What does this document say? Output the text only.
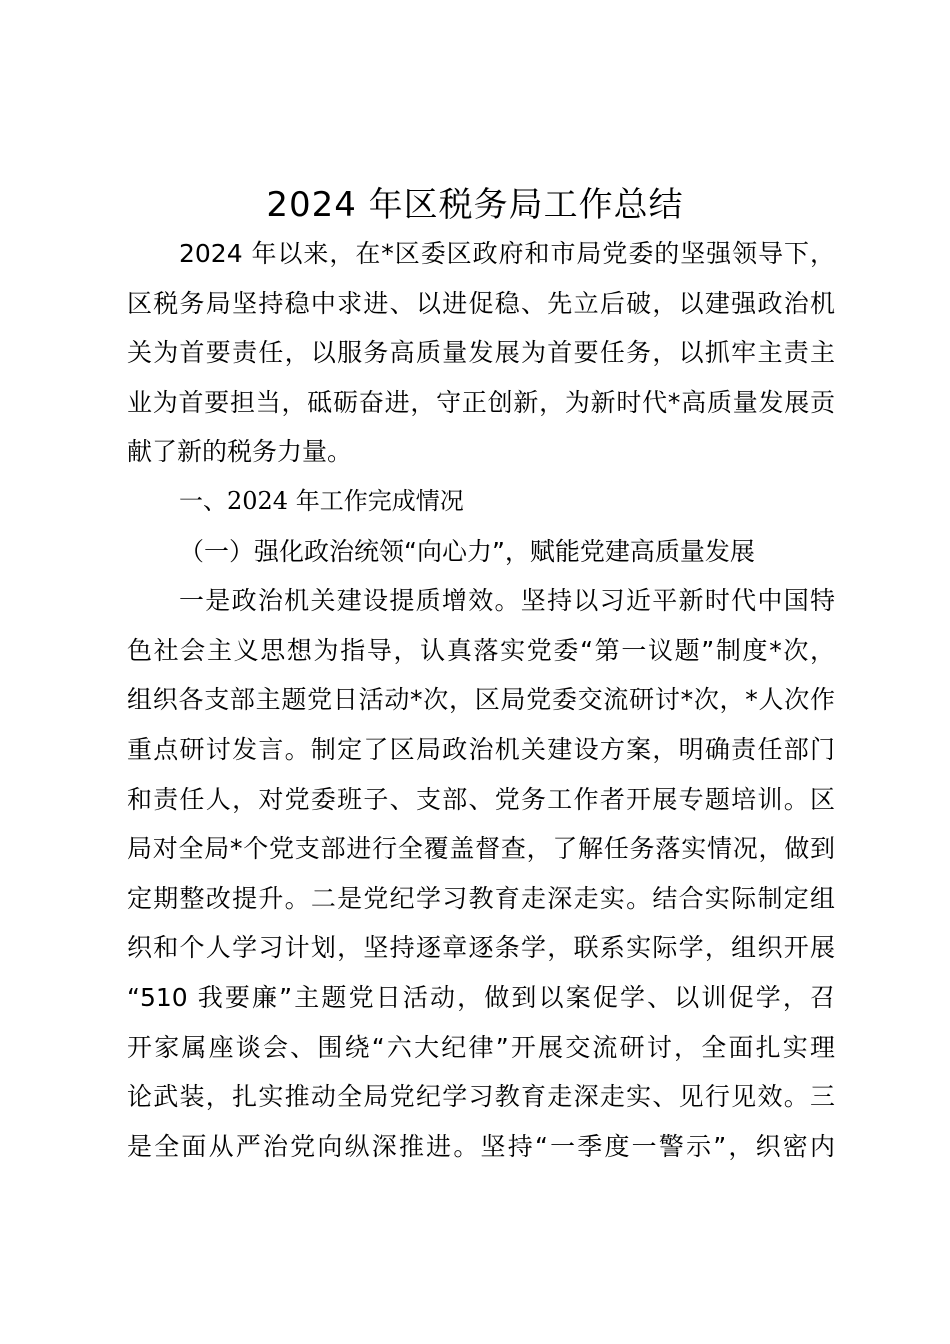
2024 年区税务局工作总结
2024 年以来，在*区委区政府和市局党委的坚强领导下，
区税务局坚持稳中求进、以进促稳、先立后破，以建强政治机
关为首要责任，以服务高质量发展为首要任务，以抓牢主责主
业为首要担当，砥砺奋进，守正创新，为新时代*高质量发展贡
献了新的税务力量。
一、2024 年工作完成情况
（一）强化政治统领“向心力”，赋能党建高质量发展
一是政治机关建设提质增效。坚持以习近平新时代中国特
色社会主义思想为指导，认真落实党委“第一议题”制度*次，
组织各支部主题党日活动*次，区局党委交流研讨*次，*人次作
重点研讨发言。制定了区局政治机关建设方案，明确责任部门
和责任人，对党委班子、支部、党务工作者开展专题培训。区
局对全局*个党支部进行全覆盖督查，了解任务落实情况，做到
定期整改提升。二是党纪学习教育走深走实。结合实际制定组
织和个人学习计划，坚持逐章逐条学，联系实际学，组织开展
“510 我要廉”主题党日活动，做到以案促学、以训促学，召
开家属座谈会、围绕“六大纪律”开展交流研讨，全面扎实理
论武装，扎实推动全局党纪学习教育走深走实、见行见效。三
是全面从严治党向纵深推进。坚持“一季度一警示”，织密内
